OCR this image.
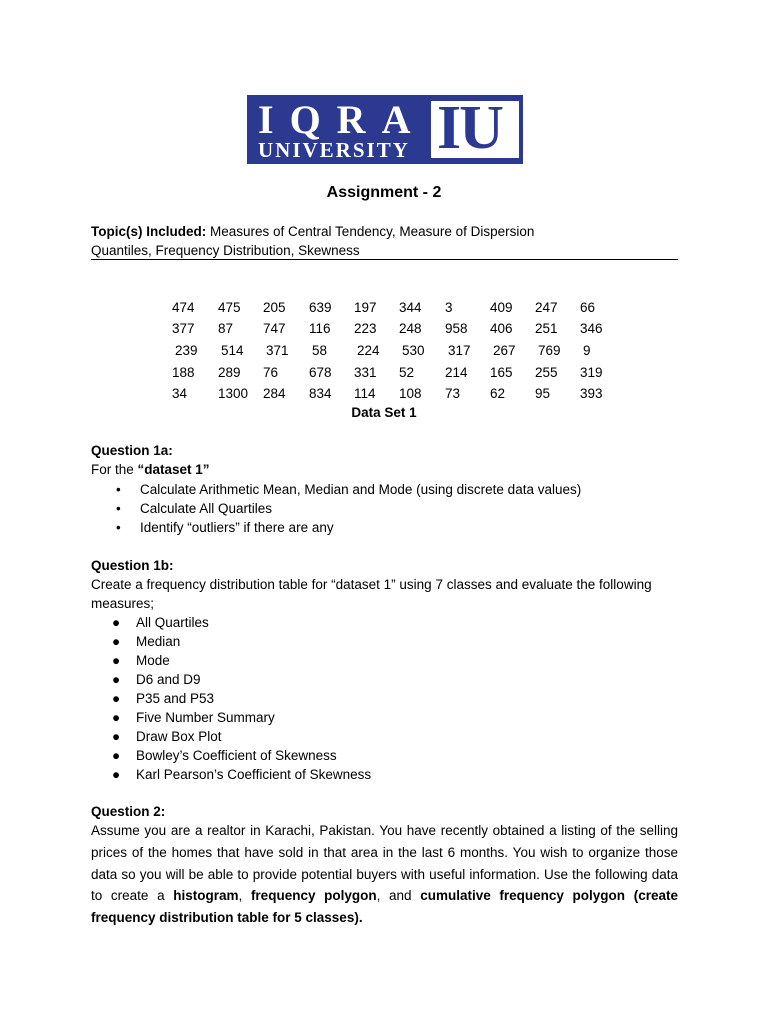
IQRA
UNIVERSITY IU
Assignment - 2
Topic(s) Included: Measures of Central Tendency, Measure of Dispersion
Quantiles, Frequency Distribution, Skewness
474 475 205 639 197 344 3	409 247 66
377 87 747 116 223 248 958 406 251 346
239 514 371 58 224 530 317 267 769 9
188 289 76 678 331 52 214 165 255 319
34 1300 284 834 114 108 73 62 95 393
Data Set 1
Question 1a:
For the “dataset 1”
• Calculate Arithmetic Mean, Median and Mode (using discrete data values)
• Calculate All Quartiles
• Identify “outliers” if there are any
Question 1b:
Create a frequency distribution table for “dataset 1” using 7 classes and evaluate the following
measures;
● All Quartiles
● Median
● Mode
● D6 and D9
● P35 and P53
● Five Number Summary
● Draw Box Plot
● Bowley’s Coefficient of Skewness
● Karl Pearson’s Coefficient of Skewness
Question 2:
Assume you are a realtor in Karachi, Pakistan. You have recently obtained a listing of the selling prices of the homes that have sold in that area in the last 6 months. You wish to organize those data so you will be able to provide potential buyers with useful information. Use the following data to create a histogram, frequency polygon, and cumulative frequency polygon (create frequency distribution table for 5 classes).
